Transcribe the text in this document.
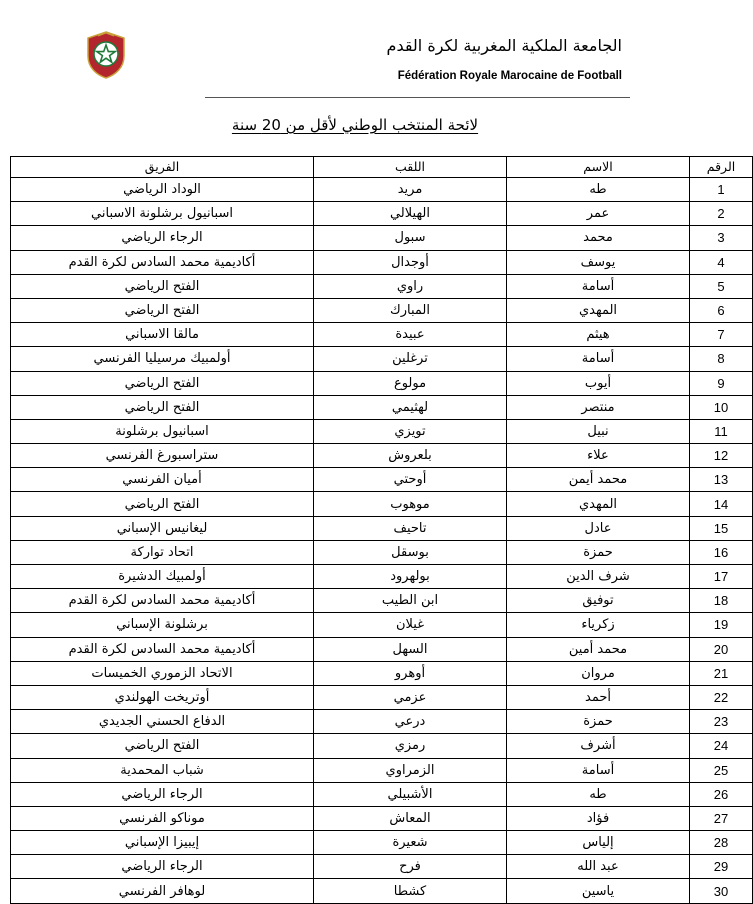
الجامعة الملكية المغربية لكرة القدم
Fédération Royale Marocaine de Football
لائحة المنتخب الوطني لأقل من 20 سنة
الرقم	الاسم	اللقب	الفريق
1	طه	مريد	الوداد الرياضي
2	عمر	الهيلالي	اسبانيول برشلونة الاسباني
3	محمد	سبول	الرجاء الرياضي
4	يوسف	أوجدال	أكاديمية محمد السادس لكرة القدم
5	أسامة	راوي	الفتح الرياضي
6	المهدي	المبارك	الفتح الرياضي
7	هيثم	عبيدة	مالقا الاسباني
8	أسامة	ترغلين	أولمبيك مرسيليا الفرنسي
9	أيوب	مولوع	الفتح الرياضي
10	منتصر	لهثيمي	الفتح الرياضي
11	نبيل	تويزي	اسبانيول برشلونة
12	علاء	بلعروش	ستراسبورغ الفرنسي
13	محمد أيمن	أوحتي	أميان الفرنسي
14	المهدي	موهوب	الفتح الرياضي
15	عادل	تاحيف	ليغانيس الإسباني
16	حمزة	بوسقل	اتحاد تواركة
17	شرف الدين	بولهرود	أولمبيك الدشيرة
18	توفيق	ابن الطيب	أكاديمية محمد السادس لكرة القدم
19	زكرياء	غيلان	برشلونة الإسباني
20	محمد أمين	السهل	أكاديمية محمد السادس لكرة القدم
21	مروان	أوهرو	الاتحاد الزموري الخميسات
22	أحمد	عزمي	أوتريخت الهولندي
23	حمزة	درعي	الدفاع الحسني الجديدي
24	أشرف	رمزي	الفتح الرياضي
25	أسامة	الزمراوي	شباب المحمدية
26	طه	الأشبيلي	الرجاء الرياضي
27	فؤاد	المعاش	موناكو الفرنسي
28	إلياس	شعيرة	إيبيزا الإسباني
29	عبد الله	فرح	الرجاء الرياضي
30	ياسين	كشطا	لوهافر الفرنسي
